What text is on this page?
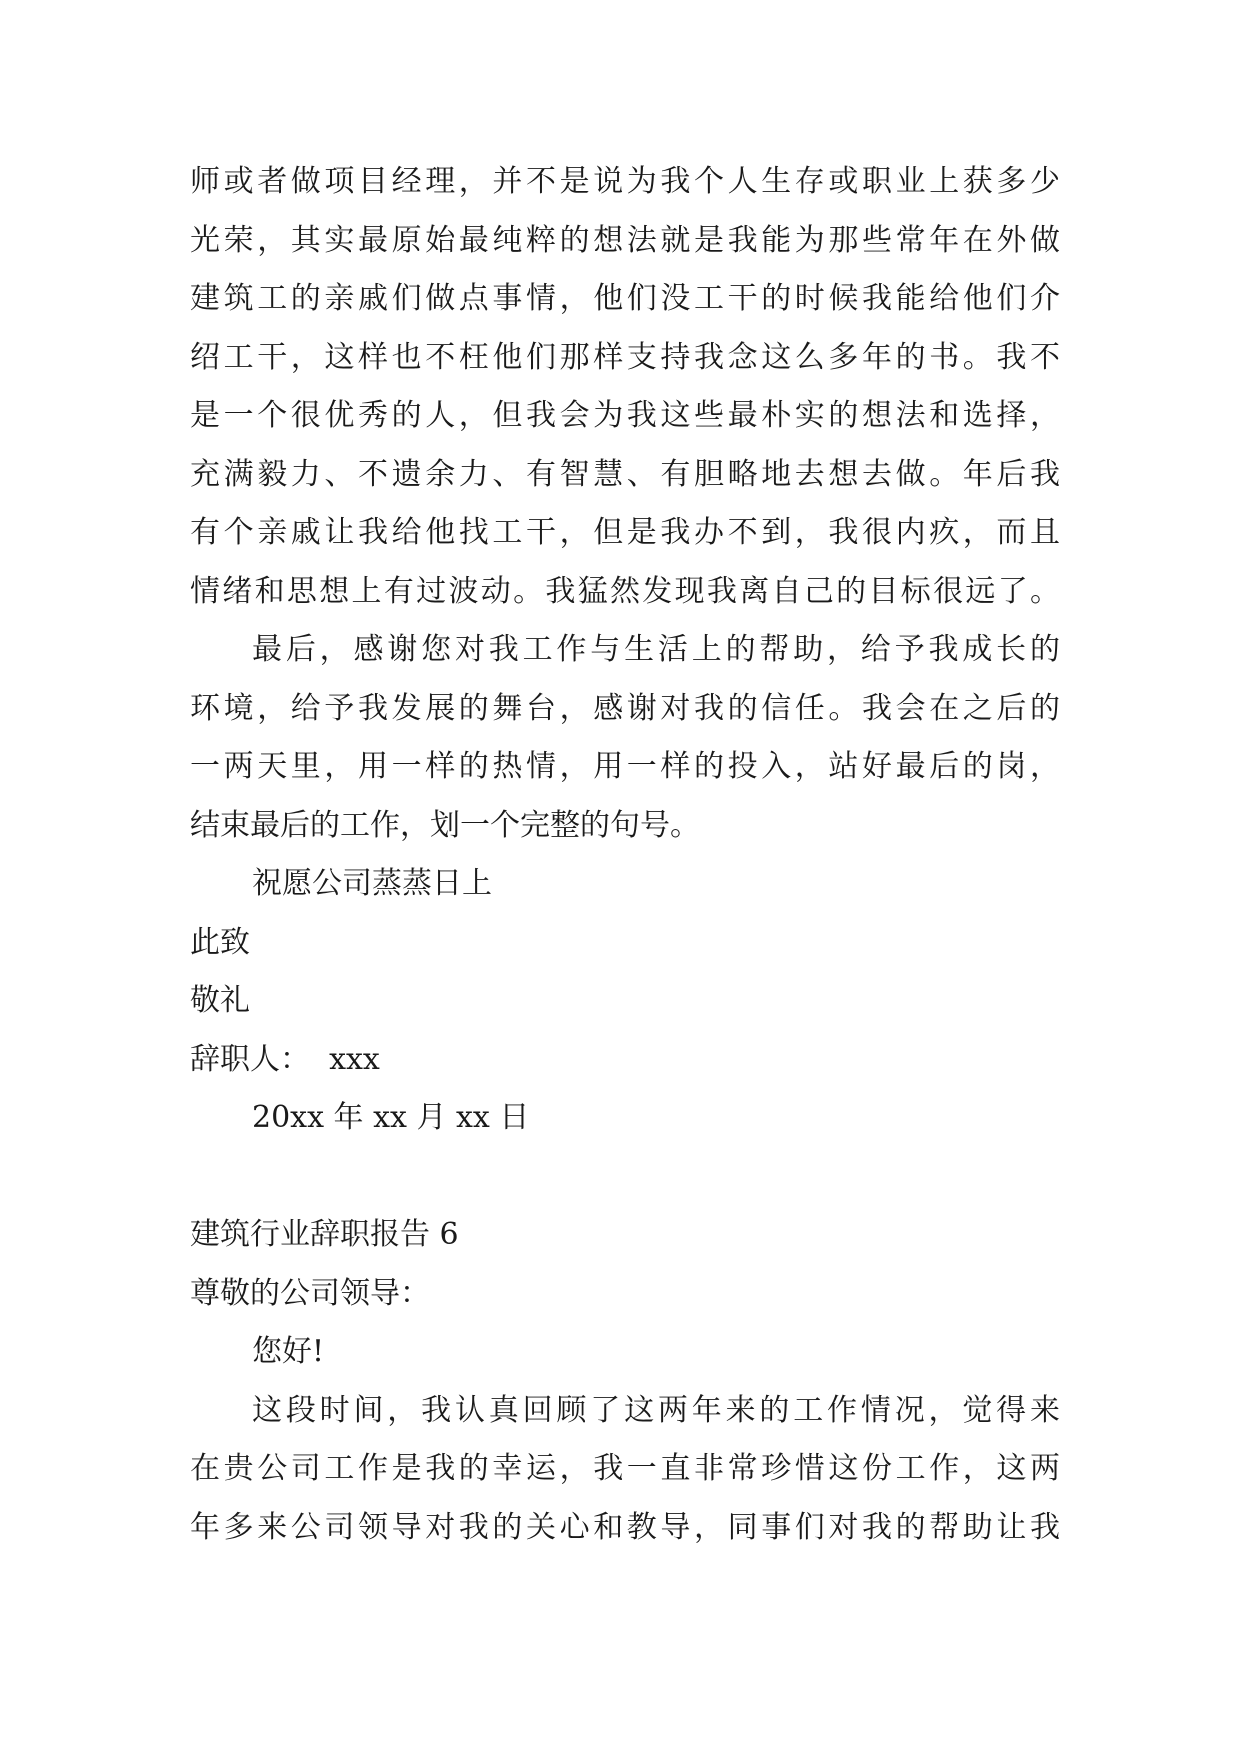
师或者做项目经理，并不是说为我个人生存或职业上获多少
光荣，其实最原始最纯粹的想法就是我能为那些常年在外做
建筑工的亲戚们做点事情，他们没工干的时候我能给他们介
绍工干，这样也不枉他们那样支持我念这么多年的书。我不
是一个很优秀的人，但我会为我这些最朴实的想法和选择，
充满毅力、不遗余力、有智慧、有胆略地去想去做。年后我
有个亲戚让我给他找工干，但是我办不到，我很内疚，而且
情绪和思想上有过波动。我猛然发现我离自己的目标很远了。
最后，感谢您对我工作与生活上的帮助，给予我成长的
环境，给予我发展的舞台，感谢对我的信任。我会在之后的
一两天里，用一样的热情，用一样的投入，站好最后的岗，
结束最后的工作，划一个完整的句号。
祝愿公司蒸蒸日上
此致
敬礼
辞职人：  xxx
20xx 年 xx 月 xx 日
建筑行业辞职报告 6
尊敬的公司领导：
您好!
这段时间，我认真回顾了这两年来的工作情况，觉得来
在贵公司工作是我的幸运，我一直非常珍惜这份工作，这两
年多来公司领导对我的关心和教导，同事们对我的帮助让我
